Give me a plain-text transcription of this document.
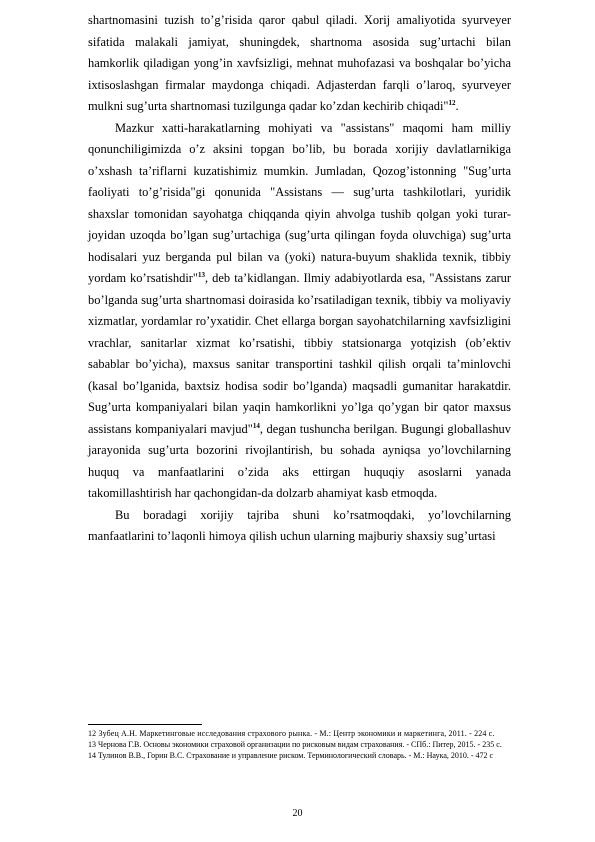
shartnomasini tuzish to’g’risida qaror qabul qiladi. Xorij amaliyotida syurveyer sifatida malakali jamiyat, shuningdek, shartnoma asosida sug’urtachi bilan hamkorlik qiladigan yong’in xavfsizligi, mehnat muhofazasi va boshqalar bo’yicha ixtisoslashgan firmalar maydonga chiqadi. Adjasterdan farqli o’laroq, syurveyer mulkni sug’urta shartnomasi tuzilgunga qadar ko’zdan kechirib chiqadi"$^{12}$.

Mazkur xatti-harakatlarning mohiyati va "assistans" maqomi ham milliy qonunchiligimizda o’z aksini topgan bo’lib, bu borada xorijiy davlatlarnikiga o’xshash ta’riflarni kuzatishimiz mumkin. Jumladan, Qozog’istonning "Sug’urta faoliyati to’g’risida"gi qonunida "Assistans — sug’urta tashkilotlari, yuridik shaxslar tomonidan sayohatga chiqqanda qiyin ahvolga tushib qolgan yoki turar-joyidan uzoqda bo’lgan sug’urtachiga (sug’urta qilingan foyda oluvchiga) sug’urta hodisalari yuz berganda pul bilan va (yoki) natura-buyum shaklida texnik, tibbiy yordam ko’rsatishdir"$^{13}$, deb ta’kidlangan. Ilmiy adabiyotlarda esa, "Assistans zarur bo’lganda sug’urta shartnomasi doirasida ko’rsatiladigan texnik, tibbiy va moliyaviy xizmatlar, yordamlar ro’yxatidir. Chet ellarga borgan sayohatchilarning xavfsizligini vrachlar, sanitarlar xizmat ko’rsatishi, tibbiy statsionarga yotqizish (ob’ektiv sabablar bo’yicha), maxsus sanitar transportini tashkil qilish orqali ta’minlovchi (kasal bo’lganida, baxtsiz hodisa sodir bo’lganda) maqsadli gumanitar harakatdir. Sug’urta kompaniyalari bilan yaqin hamkorlikni yo’lga qo’ygan bir qator maxsus assistans kompaniyalari mavjud"$^{14}$, degan tushuncha berilgan. Bugungi globallashuv jarayonida sug’urta bozorini rivojlantirish, bu sohada ayniqsa yo’lovchilarning huquq va manfaatlarini o’zida aks ettirgan huquqiy asoslarni yanada takomillashtirish har qachongidan-da dolzarb ahamiyat kasb etmoqda.

Bu boradagi xorijiy tajriba shuni ko’rsatmoqdaki, yo’lovchilarning manfaatlarini to’laqonli himoya qilish uchun ularning majburiy shaxsiy sug’urtasi

12 Зубец А.Н. Маркетинговые исследования страхового рынка. - М.: Центр экономики и маркетинга, 2011. - 224 с.

13 Чернова Г.В. Основы экономики страховой организации по рисковым видам страхования. - СПб.: Питер, 2015. - 235 с.

14 Тулинов В.В., Горин В.С. Страхование и управление риском. Терминологический словарь. - М.: Наука, 2010. - 472 с

20
